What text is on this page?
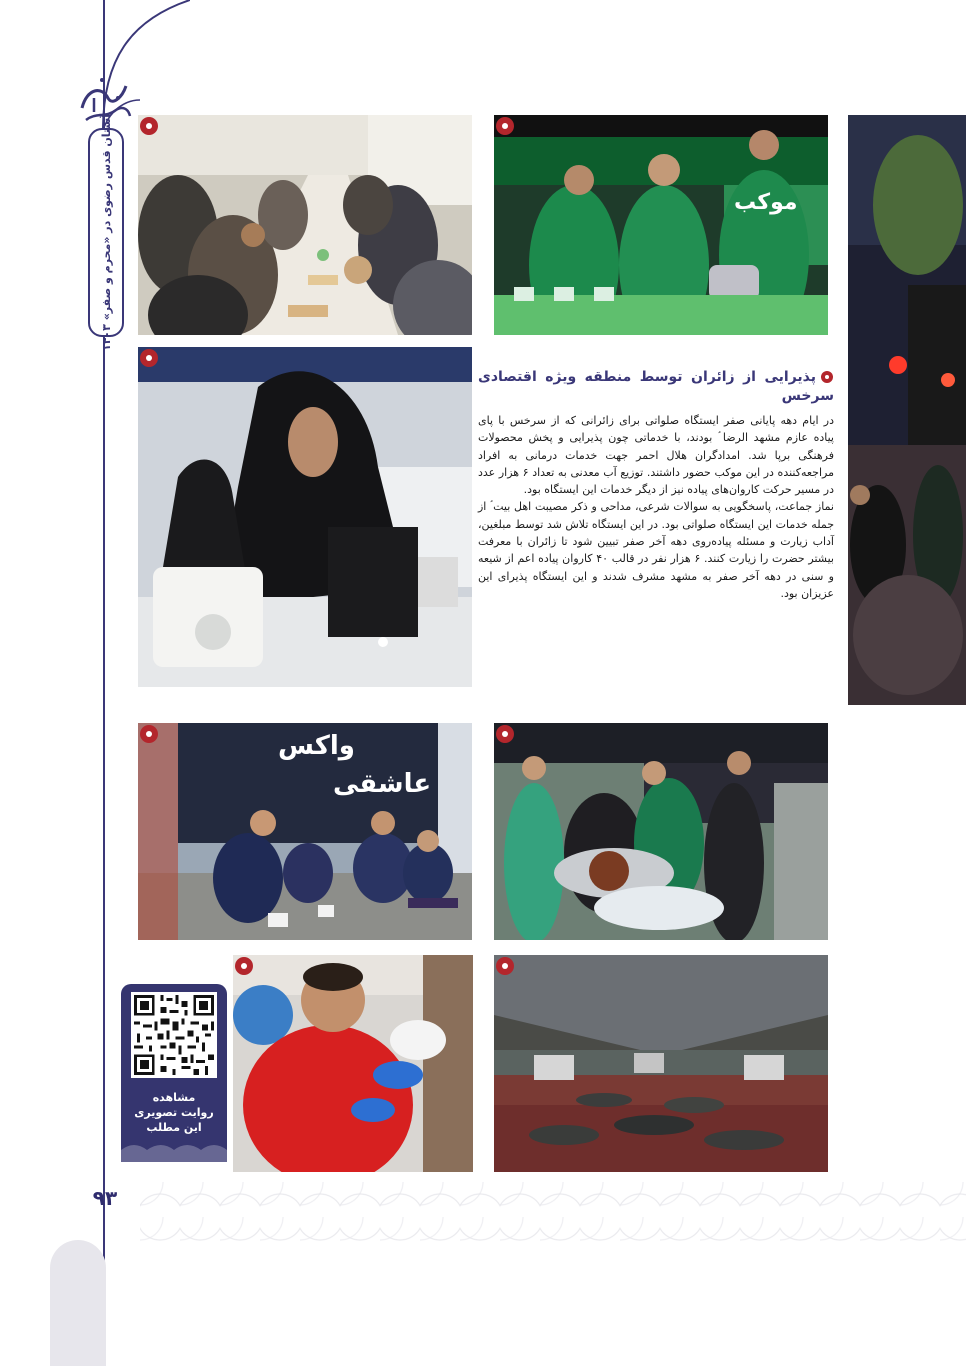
آستان قدس رضوی در «محرم و صفر» ۱۴۰۳
۹۳
موکب
پذیرایی از زائران توسط منطقه ویژه اقتصادی سرخس

در ایام دهه پایانی صفر ایستگاه صلواتی برای زائرانی که از سرخس با پای پیاده عازم مشهد الرضا ؑ بودند، با خدماتی چون پذیرایی و پخش محصولات فرهنگی برپا شد. امدادگران هلال احمر جهت خدمات درمانی به افراد مراجعه‌کننده در این موکب حضور داشتند. توزیع آب معدنی به تعداد ۶ هزار عدد در مسیر حرکت کاروان‌های پیاده نیز از دیگر خدمات این ایستگاه بود.

نماز جماعت، پاسخگویی به سوالات شرعی، مداحی و ذکر مصیبت اهل بیت ؑ از جمله خدمات این ایستگاه صلواتی بود. در این ایستگاه تلاش شد توسط مبلغین، آداب زیارت و مسئله پیاده‌روی دهه آخر صفر تبیین شود تا زائران با معرفت بیشتر حضرت را زیارت کنند. ۶ هزار نفر در قالب ۴۰ کاروان پیاده اعم از شیعه و سنی در دهه آخر صفر به مشهد مشرف شدند و این ایستگاه پذیرای این عزیزان بود.

واکس
عاشقی
مشاهده
روایت تصویری
این مطلب
